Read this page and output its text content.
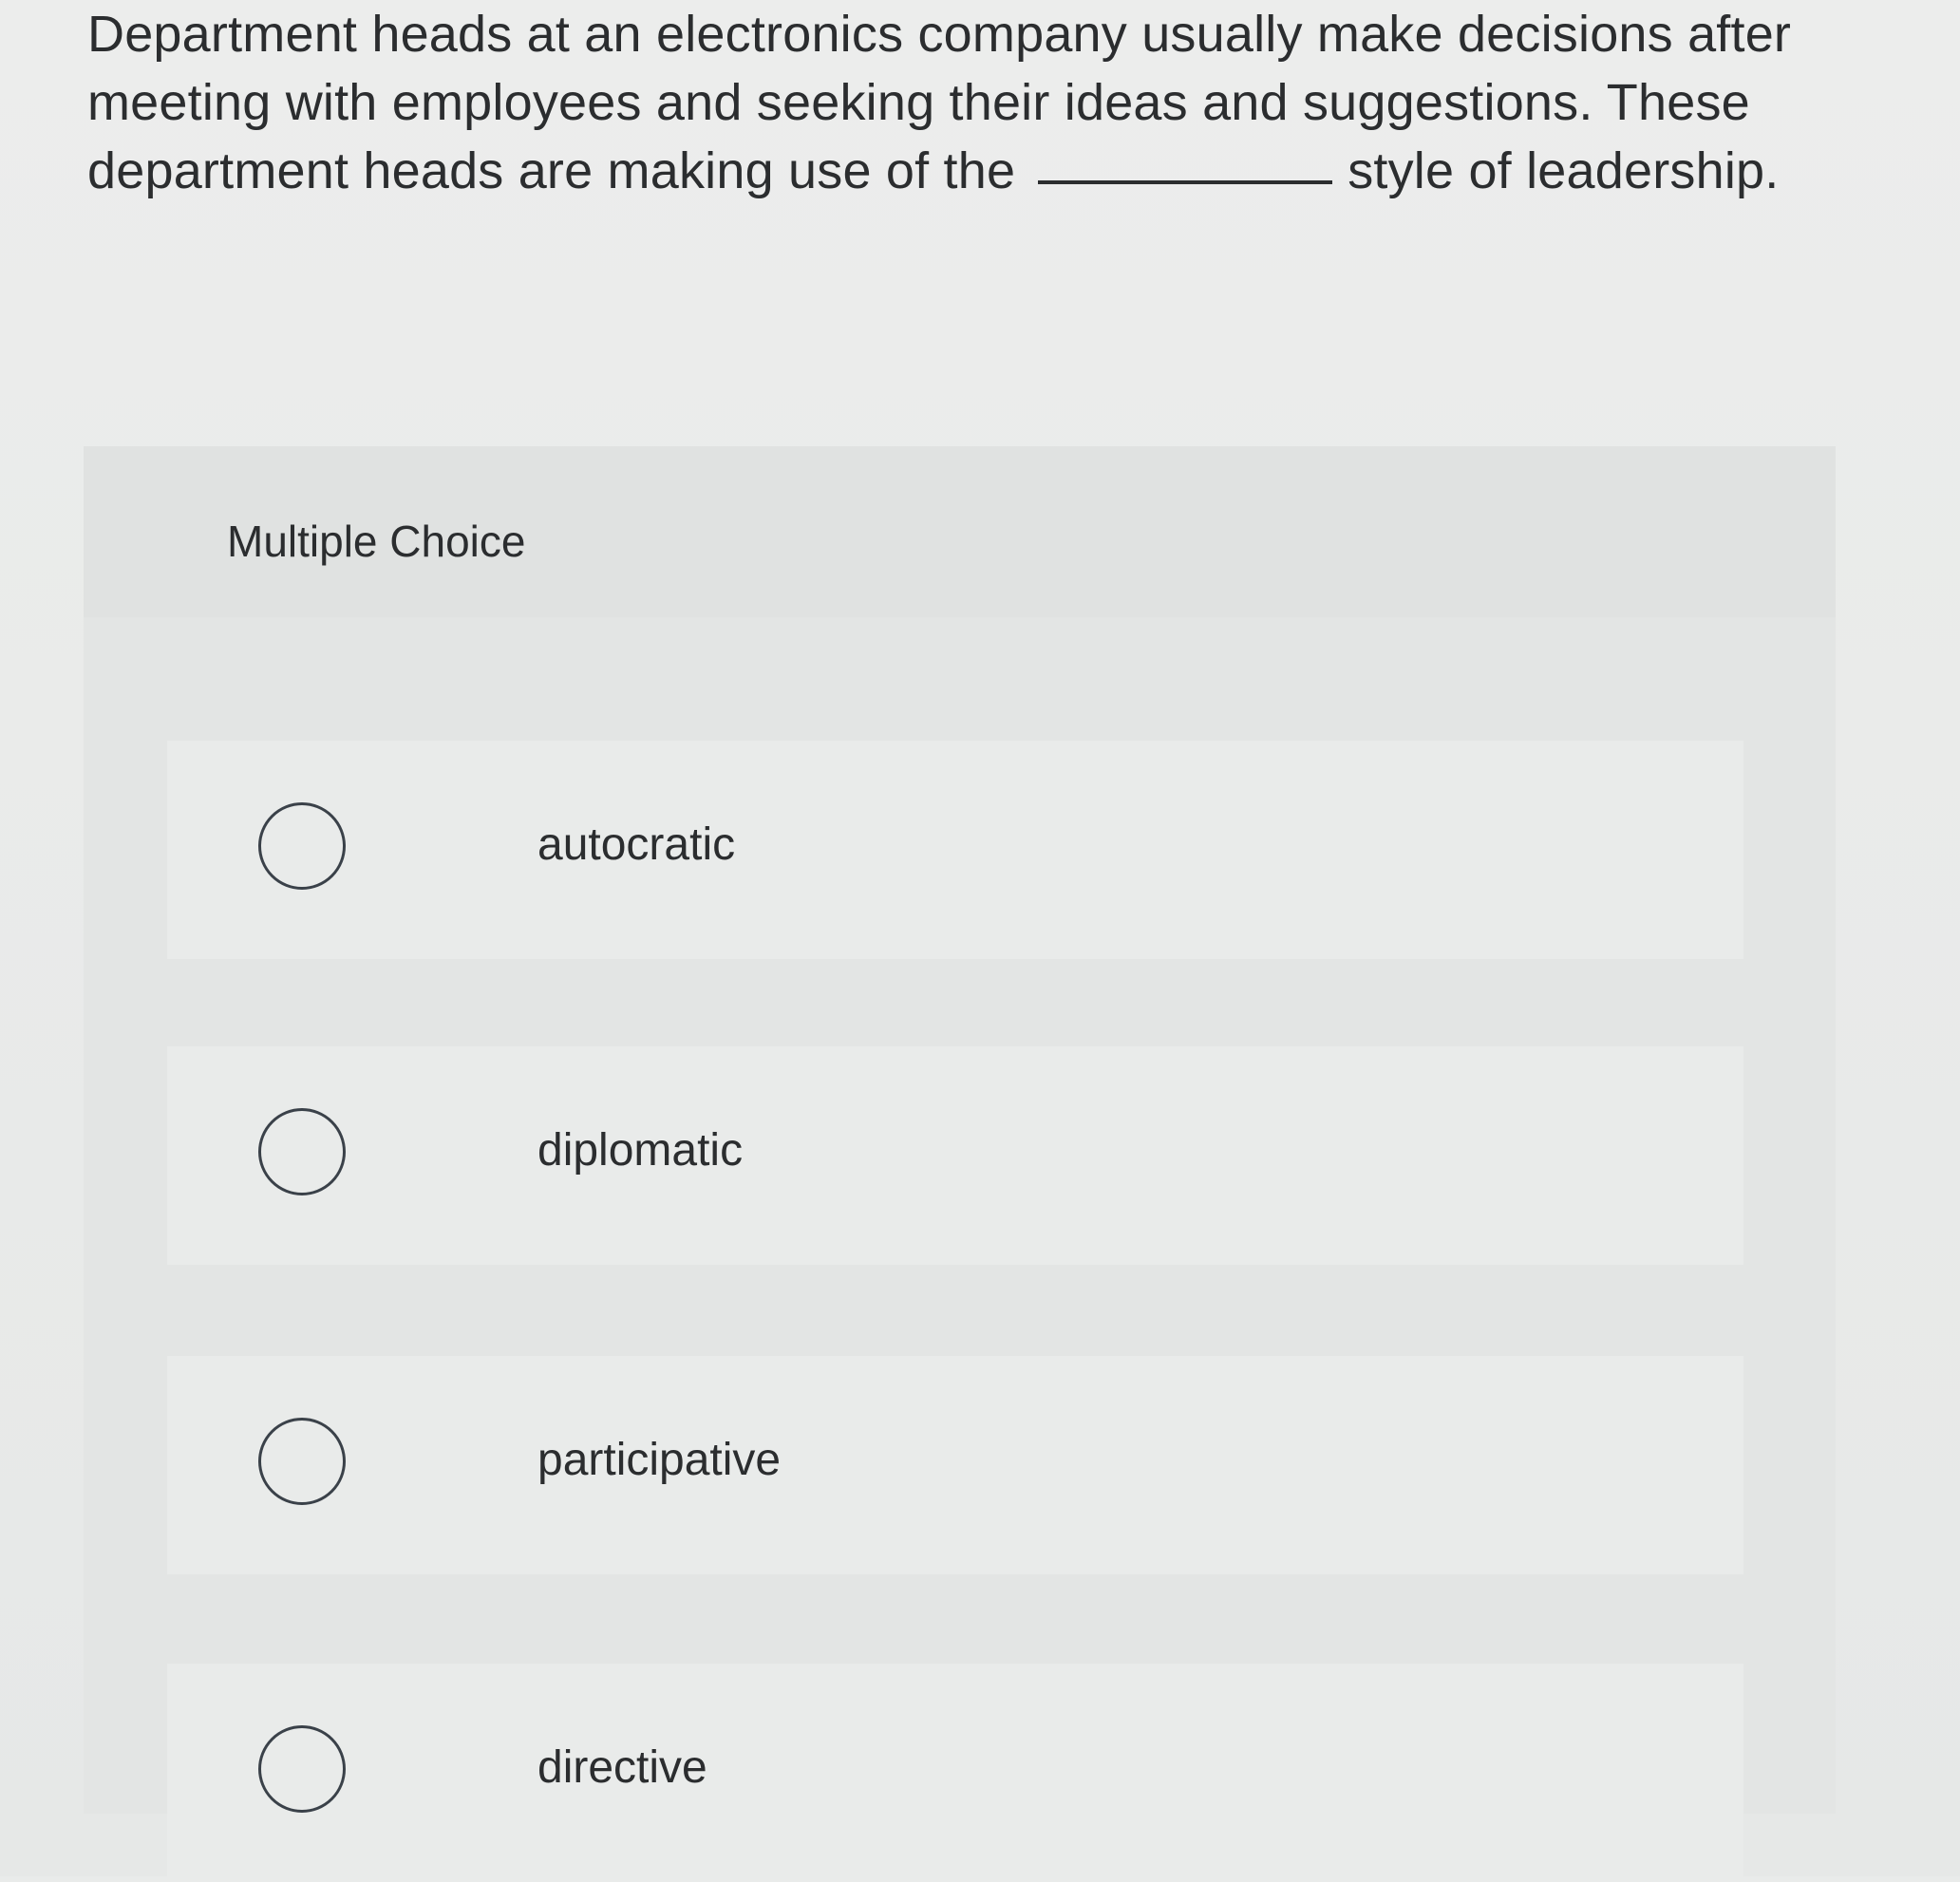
Department heads at an electronics company usually make decisions after meeting with employees and seeking their ideas and suggestions. These department heads are making use of the	style of leadership.
Multiple Choice
autocratic
diplomatic
participative
directive
